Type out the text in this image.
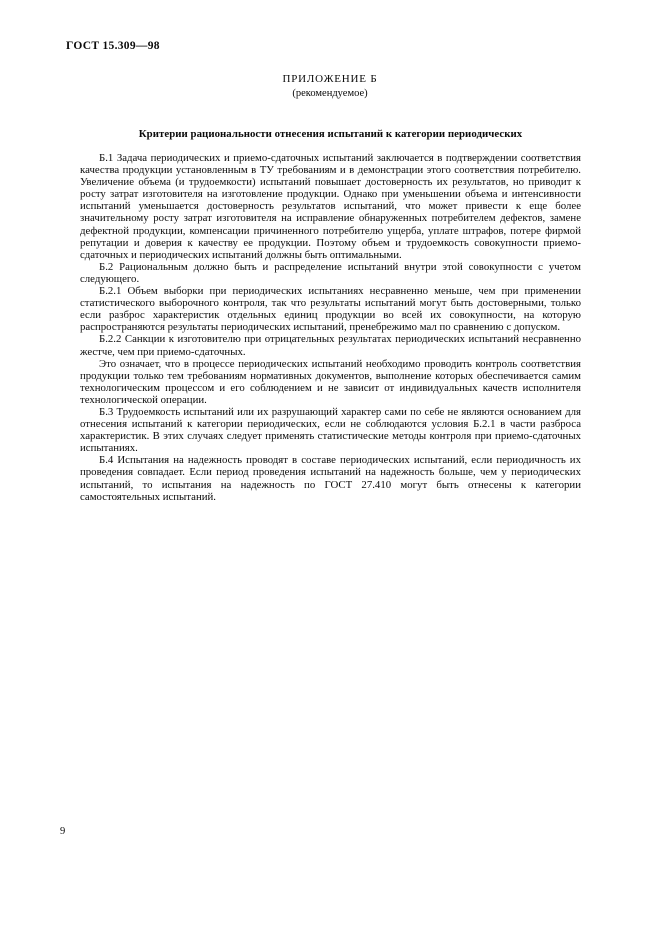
ГОСТ 15.309—98
ПРИЛОЖЕНИЕ Б
(рекомендуемое)
Критерии рациональности отнесения испытаний к категории периодических

Б.1 Задача периодических и приемо-сдаточных испытаний заключается в подтверждении соответствия качества продукции установленным в ТУ требованиям и в демонстрации этого соответствия потребителю. Увеличение объема (и трудоемкости) испытаний повышает достоверность их результатов, но приводит к росту затрат изготовителя на изготовление продукции. Однако при уменьшении объема и интенсивности испытаний уменьшается достоверность результатов испытаний, что может привести к еще более значительному росту затрат изготовителя на исправление обнаруженных потребителем дефектов, замене дефектной продукции, компенсации причиненного потребителю ущерба, уплате штрафов, потере фирмой репутации и доверия к качеству ее продукции. Поэтому объем и трудоемкость совокупности приемо-сдаточных и периодических испытаний должны быть оптимальными.

Б.2 Рациональным должно быть и распределение испытаний внутри этой совокупности с учетом следующего.

Б.2.1 Объем выборки при периодических испытаниях несравненно меньше, чем при применении статистического выборочного контроля, так что результаты испытаний могут быть достоверными, только если разброс характеристик отдельных единиц продукции во всей их совокупности, на которую распространяются результаты периодических испытаний, пренебрежимо мал по сравнению с допуском.

Б.2.2 Санкции к изготовителю при отрицательных результатах периодических испытаний несравненно жестче, чем при приемо-сдаточных.

Это означает, что в процессе периодических испытаний необходимо проводить контроль соответствия продукции только тем требованиям нормативных документов, выполнение которых обеспечивается самим технологическим процессом и его соблюдением и не зависит от индивидуальных качеств исполнителя технологической операции.

Б.3 Трудоемкость испытаний или их разрушающий характер сами по себе не являются основанием для отнесения испытаний к категории периодических, если не соблюдаются условия Б.2.1 в части разброса характеристик. В этих случаях следует применять статистические методы контроля при приемо-сдаточных испытаниях.

Б.4 Испытания на надежность проводят в составе периодических испытаний, если периодичность их проведения совпадает. Если период проведения испытаний на надежность больше, чем у периодических испытаний, то испытания на надежность по ГОСТ 27.410 могут быть отнесены к категории самостоятельных испытаний.

9
